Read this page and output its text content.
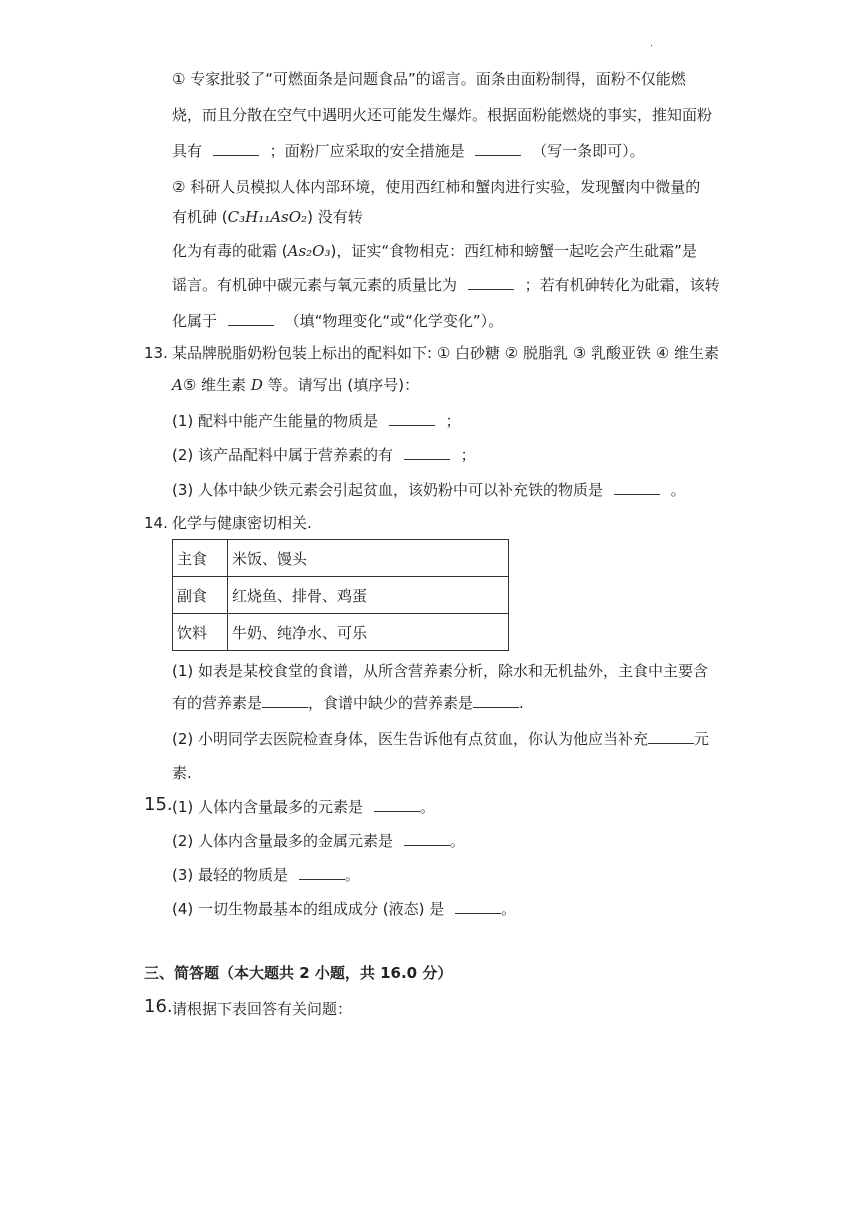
.
① 专家批驳了“可燃面条是问题食品”的谣言。面条由面粉制得，面粉不仅能燃
烧，而且分散在空气中遇明火还可能发生爆炸。根据面粉能燃烧的事实，推知面粉
具有	；面粉厂应采取的安全措施是	（写一条即可）。
② 科研人员模拟人体内部环境，使用西红柿和蟹肉进行实验，发现蟹肉中微量的
有机砷 (C₃H₁₁AsO₂) 没有转
化为有毒的砒霜 (As₂O₃)，证实“食物相克：西红柿和螃蟹一起吃会产生砒霜”是
谣言。有机砷中碳元素与氧元素的质量比为	；若有机砷转化为砒霜，该转
化属于	（填“物理变化“或“化学变化”）。
13. 某品牌脱脂奶粉包装上标出的配料如下: ① 白砂糖 ② 脱脂乳 ③ 乳酸亚铁 ④ 维生素
A⑤ 维生素 D 等。请写出 (填序号)：
(1) 配料中能产生能量的物质是	；
(2) 该产品配料中属于营养素的有	；
(3) 人体中缺少铁元素会引起贫血，该奶粉中可以补充铁的物质是	。
14. 化学与健康密切相关.
主食	米饭、馒头
副食	红烧鱼、排骨、鸡蛋
饮料	牛奶、纯净水、可乐
(1) 如表是某校食堂的食谱，从所含营养素分析，除水和无机盐外，主食中主要含
有的营养素是	，食谱中缺少的营养素是	.
(2) 小明同学去医院检查身体，医生告诉他有点贫血，你认为他应当补充	元
素.
15. (1) 人体内含量最多的元素是	。
(2) 人体内含量最多的金属元素是	。
(3) 最轻的物质是	。
(4) 一切生物最基本的组成成分 (液态) 是	。
三、简答题（本大题共 2 小题，共 16.0 分）
16. 请根据下表回答有关问题：
